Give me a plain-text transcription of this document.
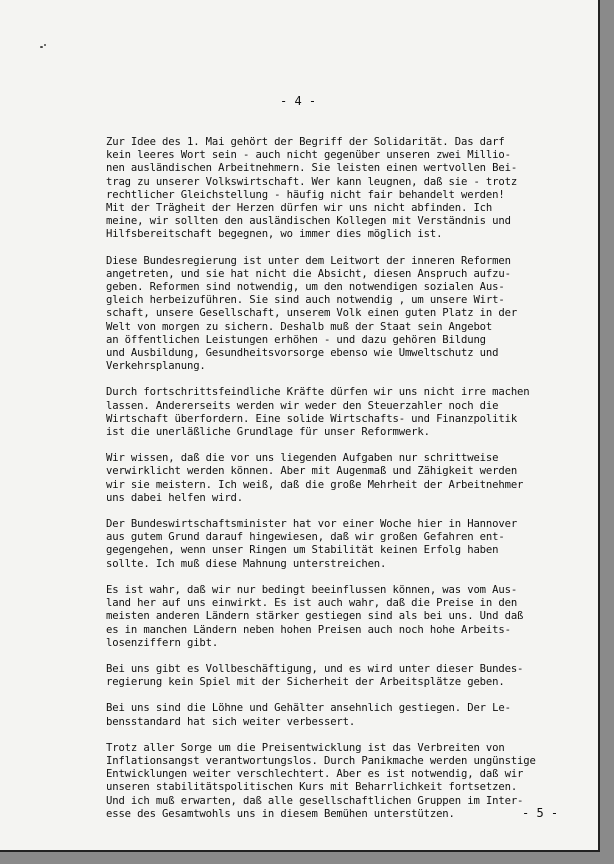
- 4 -
Zur Idee des 1. Mai gehört der Begriff der Solidarität. Das darf
kein leeres Wort sein - auch nicht gegenüber unseren zwei Millio-
nen ausländischen Arbeitnehmern. Sie leisten einen wertvollen Bei-
trag zu unserer Volkswirtschaft. Wer kann leugnen, daß sie - trotz
rechtlicher Gleichstellung - häufig nicht fair behandelt werden!
Mit der Trägheit der Herzen dürfen wir uns nicht abfinden. Ich
meine, wir sollten den ausländischen Kollegen mit Verständnis und
Hilfsbereitschaft begegnen, wo immer dies möglich ist.
Diese Bundesregierung ist unter dem Leitwort der inneren Reformen
angetreten, und sie hat nicht die Absicht, diesen Anspruch aufzu-
geben. Reformen sind notwendig, um den notwendigen sozialen Aus-
gleich herbeizuführen. Sie sind auch notwendig , um unsere Wirt-
schaft, unsere Gesellschaft, unserem Volk einen guten Platz in der
Welt von morgen zu sichern. Deshalb muß der Staat sein Angebot
an öffentlichen Leistungen erhöhen - und dazu gehören Bildung
und Ausbildung, Gesundheitsvorsorge ebenso wie Umweltschutz und
Verkehrsplanung.
Durch fortschrittsfeindliche Kräfte dürfen wir uns nicht irre machen
lassen. Andererseits werden wir weder den Steuerzahler noch die
Wirtschaft überfordern. Eine solide Wirtschafts- und Finanzpolitik
ist die unerläßliche Grundlage für unser Reformwerk.
Wir wissen, daß die vor uns liegenden Aufgaben nur schrittweise
verwirklicht werden können. Aber mit Augenmaß und Zähigkeit werden
wir sie meistern. Ich weiß, daß die große Mehrheit der Arbeitnehmer
uns dabei helfen wird.
Der Bundeswirtschaftsminister hat vor einer Woche hier in Hannover
aus gutem Grund darauf hingewiesen, daß wir großen Gefahren ent-
gegengehen, wenn unser Ringen um Stabilität keinen Erfolg haben
sollte. Ich muß diese Mahnung unterstreichen.
Es ist wahr, daß wir nur bedingt beeinflussen können, was vom Aus-
land her auf uns einwirkt. Es ist auch wahr, daß die Preise in den
meisten anderen Ländern stärker gestiegen sind als bei uns. Und daß
es in manchen Ländern neben hohen Preisen auch noch hohe Arbeits-
losenziffern gibt.
Bei uns gibt es Vollbeschäftigung, und es wird unter dieser Bundes-
regierung kein Spiel mit der Sicherheit der Arbeitsplätze geben.
Bei uns sind die Löhne und Gehälter ansehnlich gestiegen. Der Le-
bensstandard hat sich weiter verbessert.
Trotz aller Sorge um die Preisentwicklung ist das Verbreiten von
Inflationsangst verantwortungslos. Durch Panikmache werden ungünstige
Entwicklungen weiter verschlechtert. Aber es ist notwendig, daß wir
unseren stabilitätspolitischen Kurs mit Beharrlichkeit fortsetzen.
Und ich muß erwarten, daß alle gesellschaftlichen Gruppen im Inter-
esse des Gesamtwohls uns in diesem Bemühen unterstützen.	- 5 -
